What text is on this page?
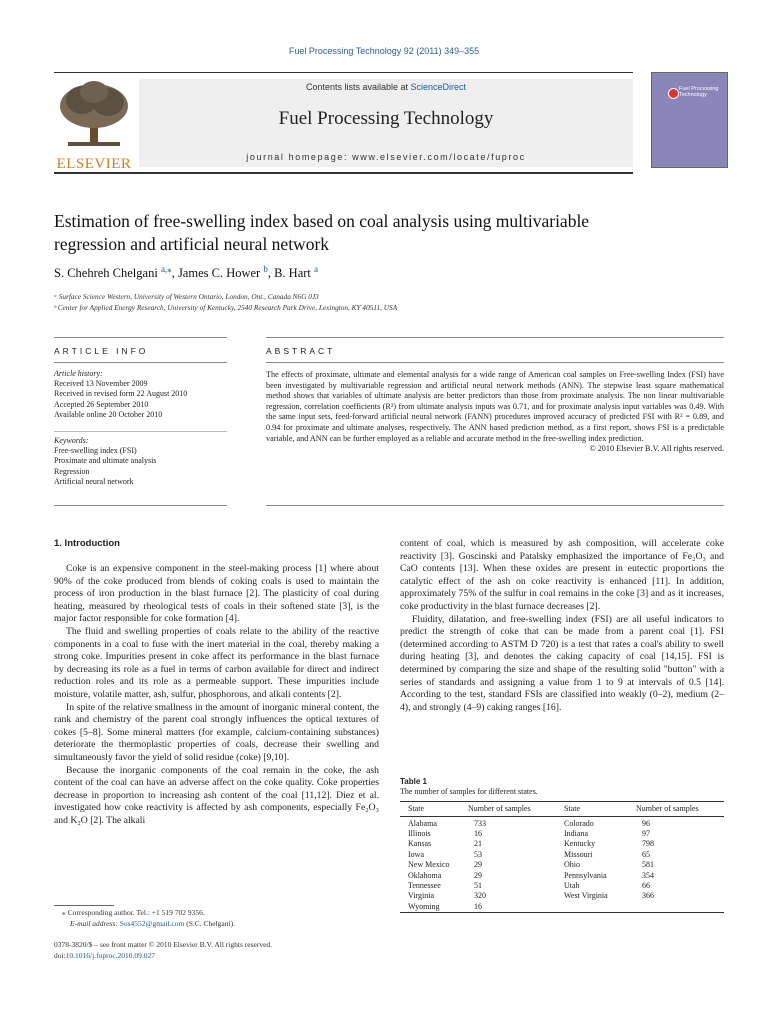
Fuel Processing Technology 92 (2011) 349–355
ELSEVIER
Contents lists available at ScienceDirect
Fuel Processing Technology
journal homepage: www.elsevier.com/locate/fuproc
Fuel Processing Technology
Estimation of free-swelling index based on coal analysis using multivariable
regression and artificial neural network
S. Chehreh Chelgani $^{a,⁎}$, James C. Hower $^b$, B. Hart $^a$
ᵃ Surface Science Western, University of Western Ontario, London, Ont., Canada N6G 0J3
ᵇ Center for Applied Energy Research, University of Kentucky, 2540 Research Park Drive, Lexington, KY 40511, USA
ARTICLE INFO
Article history:
Received 13 November 2009
Received in revised form 22 August 2010
Accepted 26 September 2010
Available online 20 October 2010
Keywords:
Free-swelling index (FSI)
Proximate and ultimate analysis
Regression
Artificial neural network
ABSTRACT
The effects of proximate, ultimate and elemental analysis for a wide range of American coal samples on Free-swelling Index (FSI) have been investigated by multivariable regression and artificial neural network methods (ANN). The stepwise least square mathematical method shows that variables of ultimate analysis are better predictors than those from proximate analysis. The non linear multivariable regression, correlation coefficients (R²) from ultimate analysis inputs was 0.71, and for proximate analysis input variables was 0.49. With the same input sets, feed-forward artificial neural network (FANN) procedures improved accuracy of predicted FSI with R² = 0.89, and 0.94 for proximate and ultimate analyses, respectively. The ANN based prediction method, as a first report, shows FSI is a predictable variable, and ANN can be further employed as a reliable and accurate method in the free-swelling index prediction.
© 2010 Elsevier B.V. All rights reserved.
1. Introduction

Coke is an expensive component in the steel-making process [1] where about 90% of the coke produced from blends of coking coals is used to maintain the process of iron production in the blast furnace [2]. The plasticity of coal during heating, measured by rheological tests of coals in their softened state [3], is the major factor responsible for coke formation [4].

The fluid and swelling properties of coals relate to the ability of the reactive components in a coal to fuse with the inert material in the coal, thereby making a strong coke. Impurities present in coke affect its performance in the blast furnace by decreasing its role as a fuel in terms of carbon available for direct and indirect reduction roles and its role as a permeable support. These impurities include moisture, volatile matter, ash, sulfur, phosphorous, and alkali contents [2].

In spite of the relative smallness in the amount of inorganic mineral content, the rank and chemistry of the parent coal strongly influences the optical textures of cokes [5–8]. Some mineral matters (for example, calcium-containing substances) deteriorate the thermoplastic properties of coals, decrease their swelling and simultaneously favor the yield of solid residue (coke) [9,10].

Because the inorganic components of the coal remain in the coke, the ash content of the coal can have an adverse affect on the coke quality. Coke properties decrease in proportion to increasing ash content of the coal [11,12]. Diez et al. investigated how coke reactivity is affected by ash components, especially Fe₂O₃ and K₂O [2]. The alkali

content of coal, which is measured by ash composition, will accelerate coke reactivity [3]. Goscinski and Patalsky emphasized the importance of Fe₂O₃ and CaO contents [13]. When these oxides are present in eutectic proportions the catalytic effect of the ash on coke reactivity is enhanced [11]. In addition, approximately 75% of the sulfur in coal remains in the coke [3] and as it increases, coke productivity in the blast furnace decreases [2].

Fluidity, dilatation, and free-swelling index (FSI) are all useful indicators to predict the strength of coke that can be made from a parent coal [1]. FSI (determined according to ASTM D 720) is a test that rates a coal's ability to swell during heating [3], and denotes the caking capacity of coal [14,15]. FSI is determined by comparing the size and shape of the resulting solid "button" with a series of standards and assigning a value from 1 to 9 at intervals of 0.5 [14]. According to the test, standard FSIs are classified into weakly (0–2), medium (2–4), and strongly (4–9) caking ranges [16].

Table 1
The number of samples for different states.
State	Number of samples	State	Number of samples
Alabama	733	Colorado	96
Illinois	16	Indiana	97
Kansas	21	Kentucky	798
Iowa	53	Missouri	65
New Mexico	29	Ohio	581
Oklahoma	29	Pennsylvania	354
Tennessee	51	Utah	66
Virginia	320	West Virginia	366
Wyoming	16		
⁎ Corresponding author. Tel.: +1 519 702 9356.
E-mail address: Sos4552@gmail.com (S.C. Chelgani).
0378-3820/$ – see front matter © 2010 Elsevier B.V. All rights reserved.
doi:10.1016/j.fuproc.2010.09.027
